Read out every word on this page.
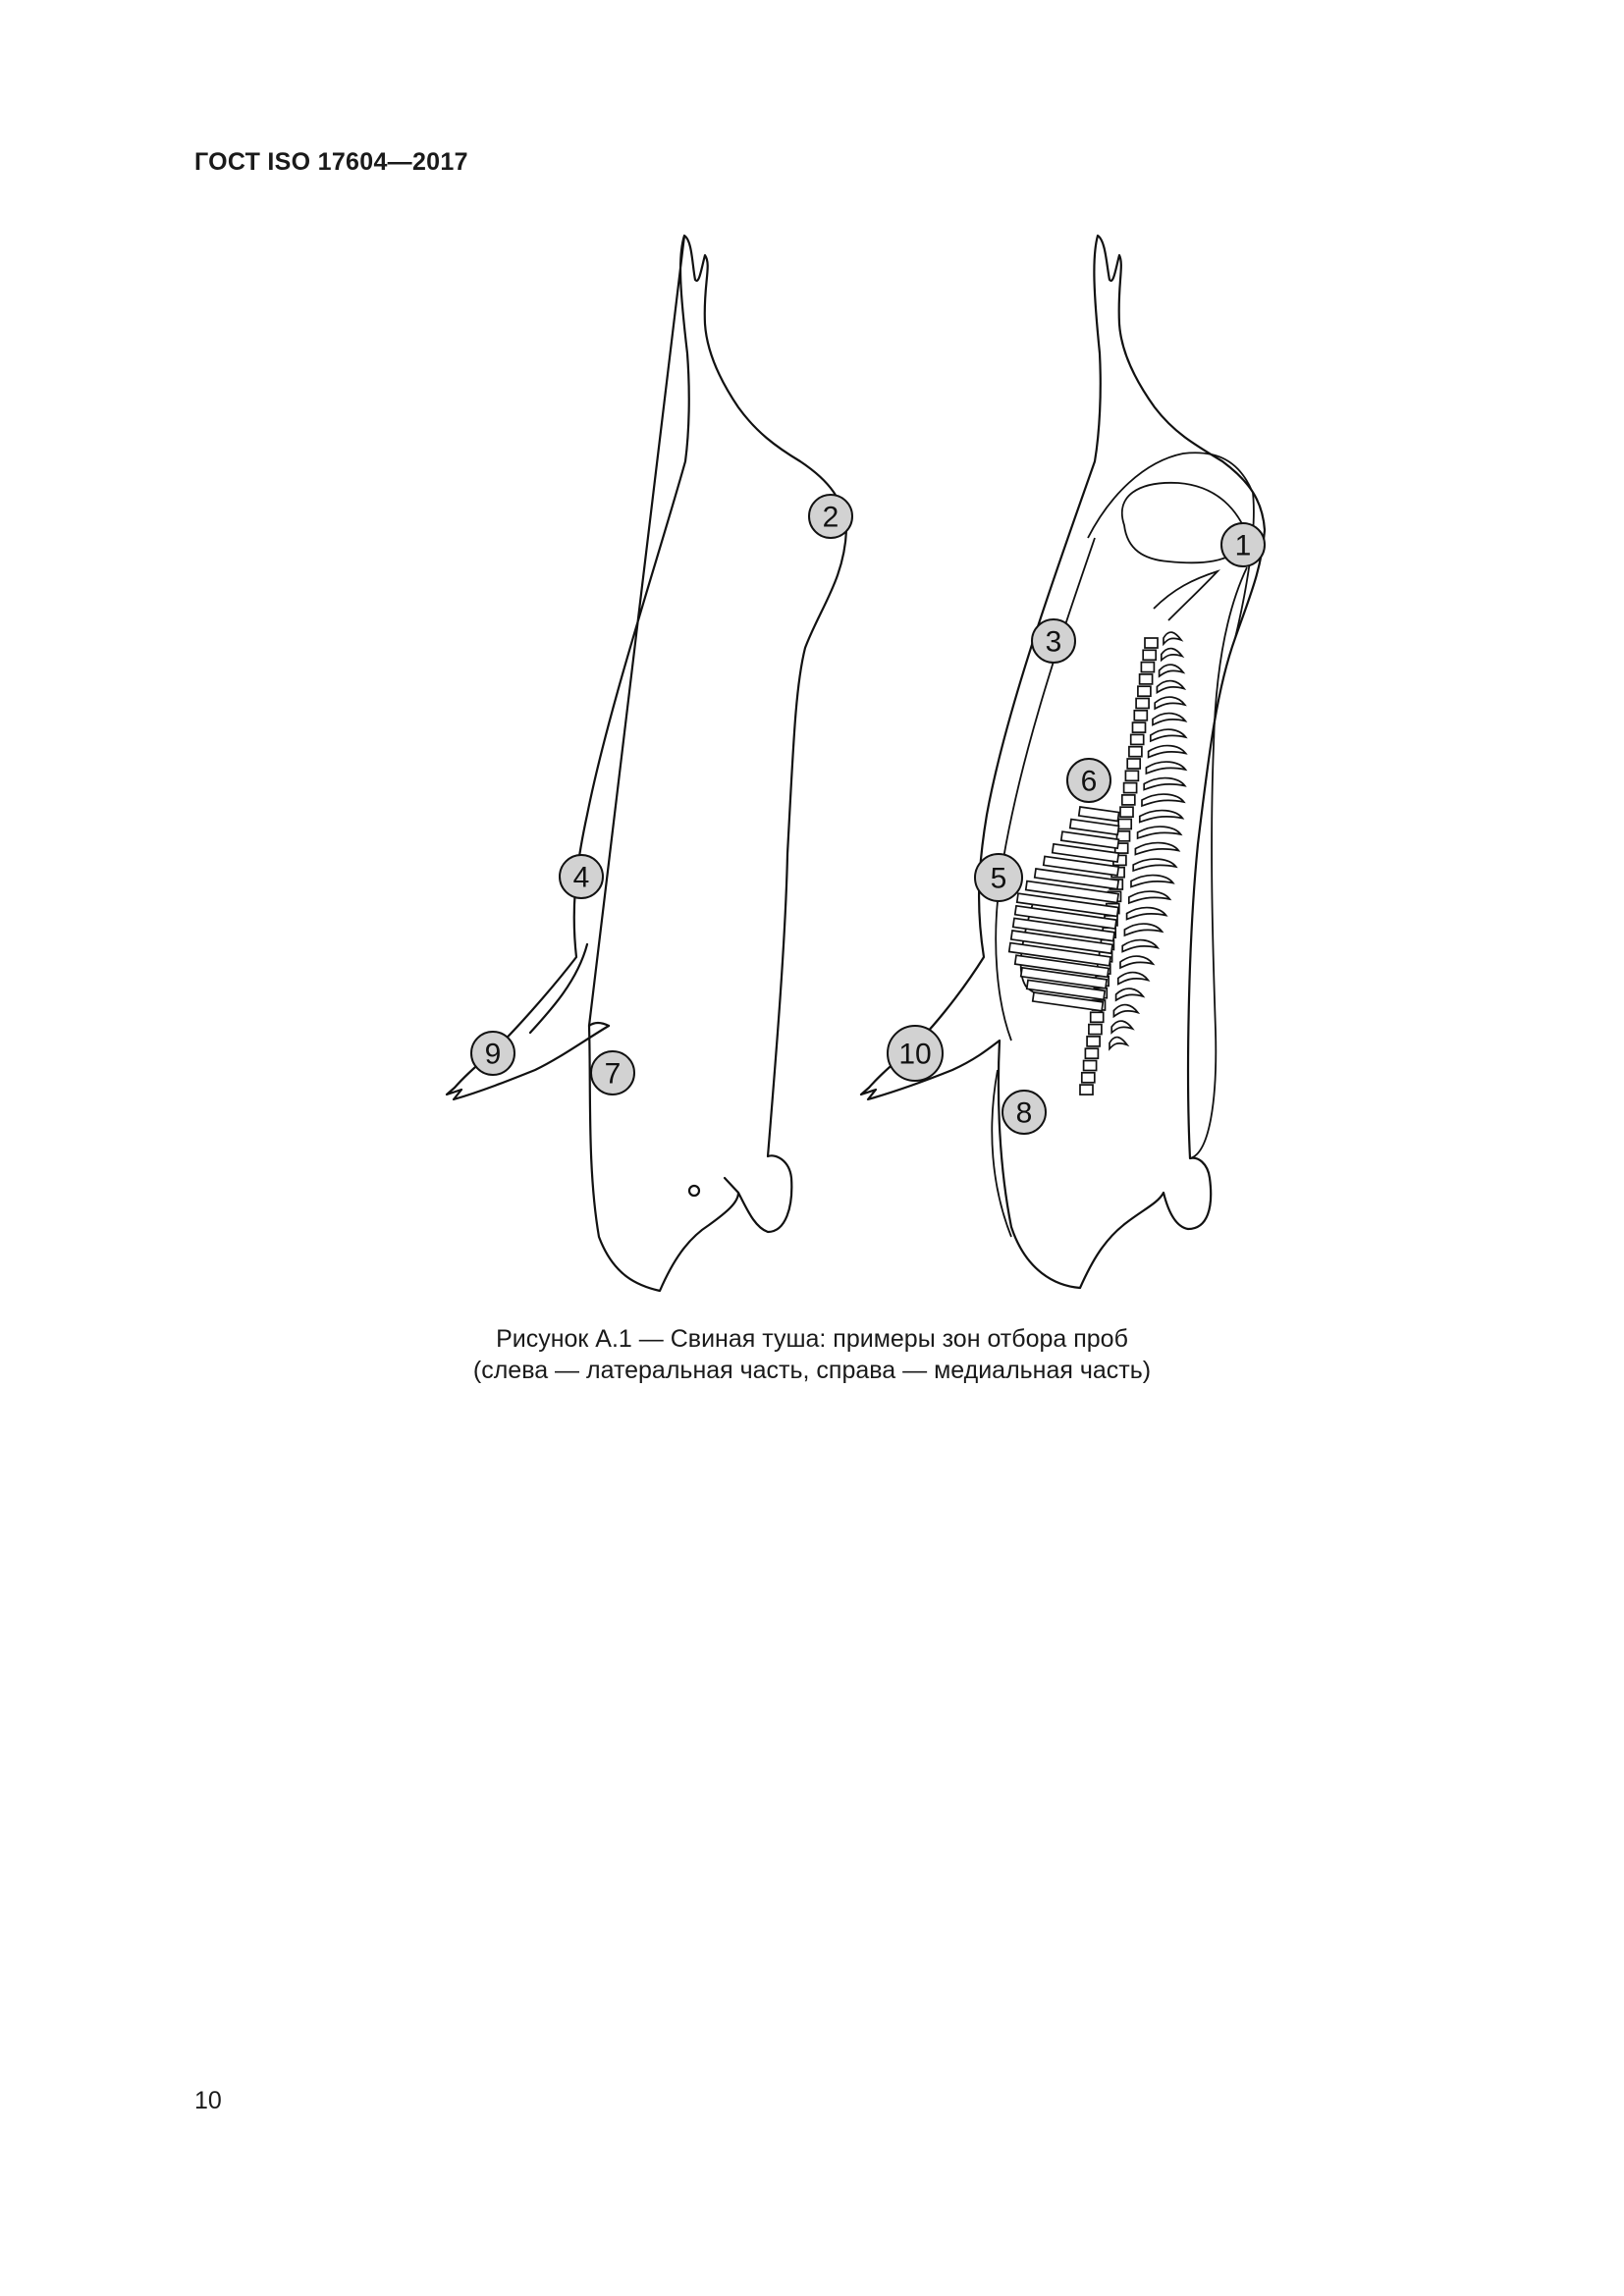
ГОСТ ISO 17604—2017
2
4
9
7
1
3
6
5
10
8
Рисунок А.1 — Свиная туша: примеры зон отбора проб
(слева — латеральная часть, справа — медиальная часть)
10
